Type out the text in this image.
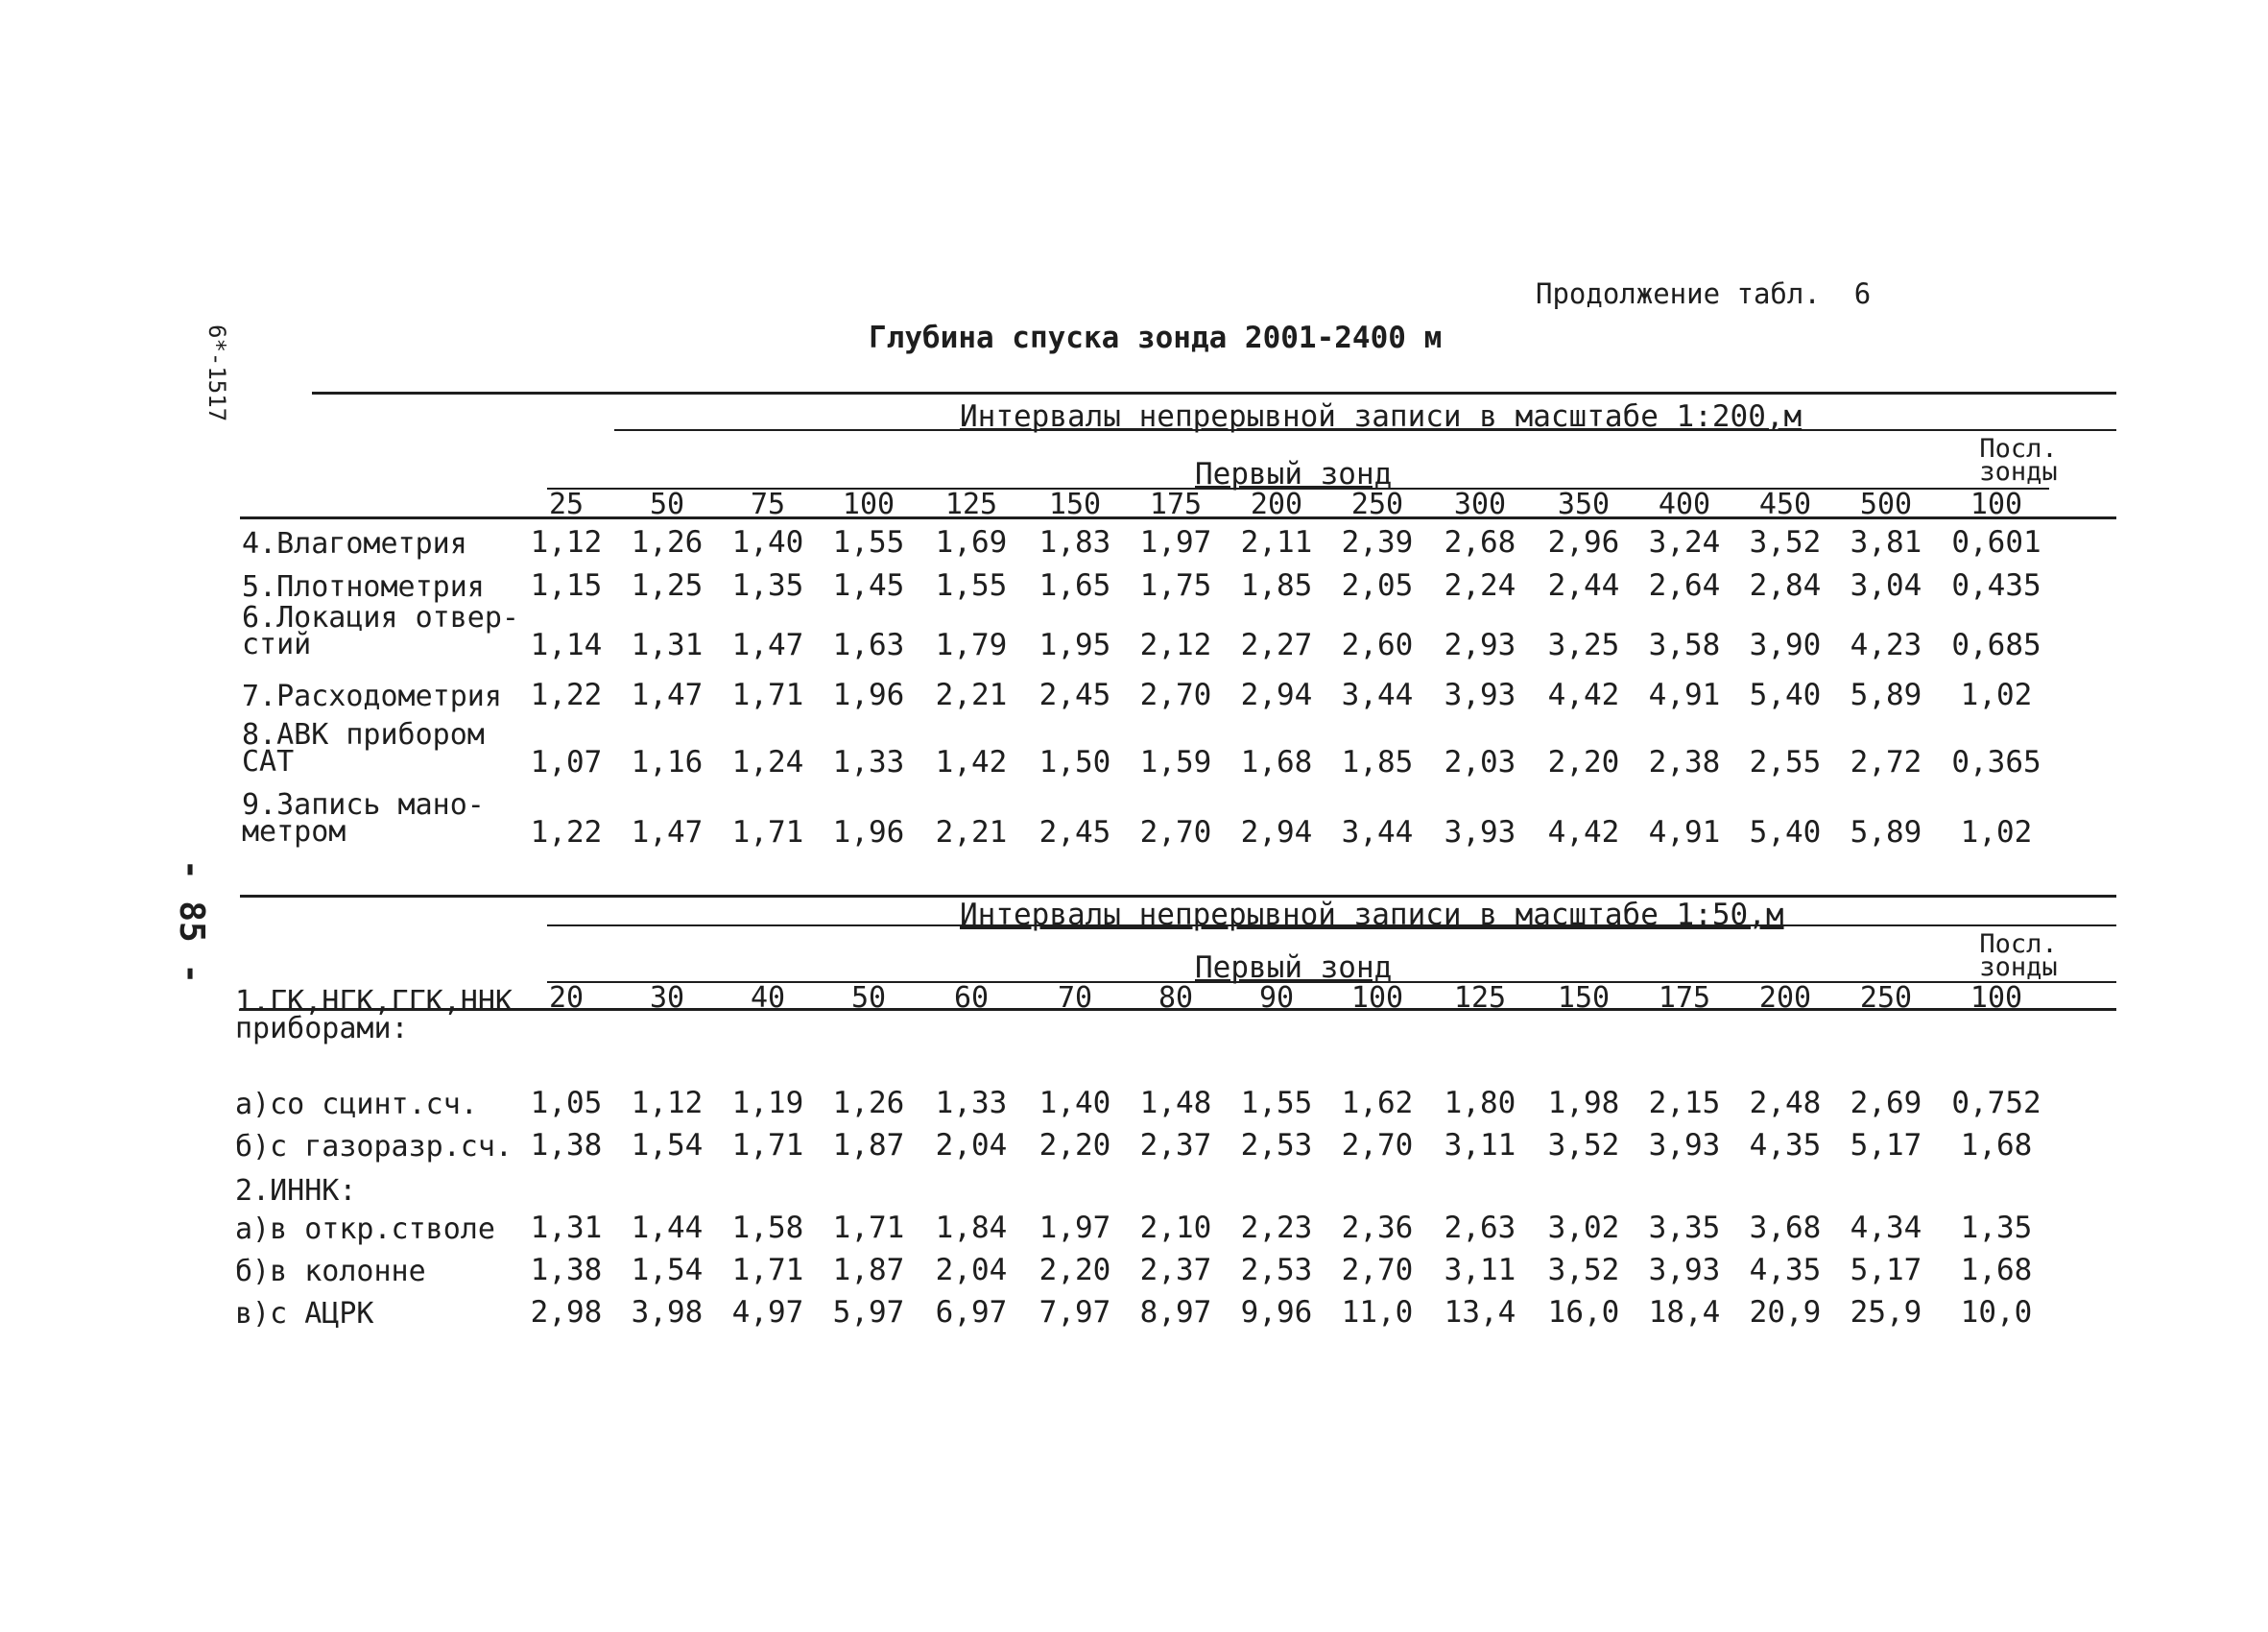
Продолжение табл.  6
Глубина спуска зонда 2001-2400 м
6*-1517
- 85 -
Интервалы непрерывной записи в масштабе 1:200,м
Первый зонд
Посл.
зонды
25	50	75	100	125	150	175	200	250	300	350	400	450	500	100
4.Влагометрия	1,12 1,26 1,40 1,55	1,69	1,83 1,97 2,11 2,39	2,68	2,96 3,24 3,52 3,81	0,601
5.Плотнометрия	1,15 1,25 1,35 1,45	1,55	1,65 1,75 1,85 2,05	2,24	2,44 2,64 2,84 3,04	0,435
6.Локация отвер-
стий	1,14 1,31 1,47 1,63	1,79	1,95 2,12 2,27 2,60	2,93	3,25 3,58 3,90 4,23	0,685
7.Расходометрия 1,22 1,47 1,71 1,96	2,21	2,45 2,70 2,94 3,44	3,93	4,42 4,91 5,40 5,89	1,02
8.АВК прибором
САТ	1,07 1,16 1,24 1,33	1,42	1,50 1,59 1,68 1,85	2,03	2,20 2,38 2,55 2,72	0,365
9.Запись мано-
метром	1,22 1,47 1,71 1,96	2,21	2,45 2,70 2,94 3,44	3,93	4,42 4,91 5,40 5,89	1,02
Интервалы непрерывной записи в масштабе 1:50,м
Первый зонд
Посл.
зонды
20	30	40	50	60	70	80	90	100	125	150	175	200	250	100
1.ГК,НГК,ГГК,ННК
приборами:
а)со сцинт.сч.	1,05 1,12 1,19 1,26	1,33	1,40 1,48 1,55 1,62	1,80	1,98 2,15 2,48 2,69	0,752
б)с газоразр.сч. 1,38 1,54 1,71 1,87	2,04	2,20 2,37 2,53 2,70	3,11	3,52 3,93 4,35 5,17	1,68
2.ИННК:
а)в откр.стволе	1,31 1,44 1,58 1,71	1,84	1,97 2,10 2,23 2,36	2,63	3,02 3,35 3,68 4,34	1,35
б)в колонне	1,38 1,54 1,71 1,87	2,04	2,20 2,37 2,53 2,70	3,11	3,52 3,93 4,35 5,17	1,68
в)с АЦРК	2,98 3,98 4,97 5,97	6,97	7,97 8,97 9,96 11,0	13,4	16,0 18,4 20,9 25,9	10,0
